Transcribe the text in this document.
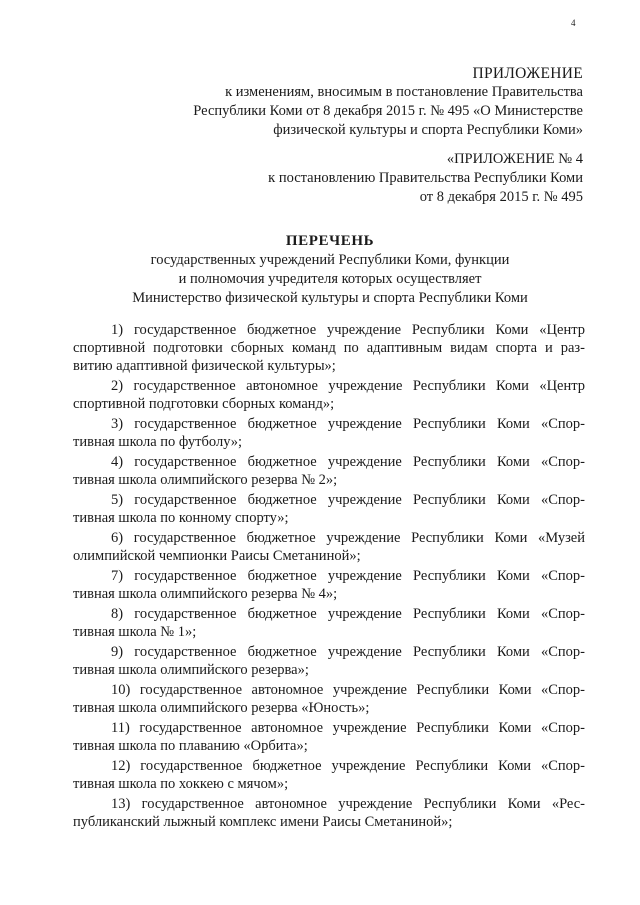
4
ПРИЛОЖЕНИЕ
к изменениям, вносимым в постановление Правительства
Республики Коми от 8 декабря 2015 г. № 495 «О Министерстве
физической культуры и спорта Республики Коми»
«ПРИЛОЖЕНИЕ № 4
к постановлению Правительства Республики Коми
от 8 декабря 2015 г. № 495
ПЕРЕЧЕНЬ
государственных учреждений Республики Коми, функции
и полномочия учредителя которых осуществляет
Министерство физической культуры и спорта Республики Коми
1) государственное бюджетное учреждение Республики Коми «Центр
спортивной подготовки сборных команд по адаптивным видам спорта и раз-
витию адаптивной физической культуры»;
2) государственное автономное учреждение Республики Коми «Центр
спортивной подготовки сборных команд»;
3) государственное бюджетное учреждение Республики Коми «Спор-
тивная школа по футболу»;
4) государственное бюджетное учреждение Республики Коми «Спор-
тивная школа олимпийского резерва № 2»;
5) государственное бюджетное учреждение Республики Коми «Спор-
тивная школа по конному спорту»;
6) государственное бюджетное учреждение Республики Коми «Музей
олимпийской чемпионки Раисы Сметаниной»;
7) государственное бюджетное учреждение Республики Коми «Спор-
тивная школа олимпийского резерва № 4»;
8) государственное бюджетное учреждение Республики Коми «Спор-
тивная школа № 1»;
9) государственное бюджетное учреждение Республики Коми «Спор-
тивная школа олимпийского резерва»;
10) государственное автономное учреждение Республики Коми «Спор-
тивная школа олимпийского резерва «Юность»;
11) государственное автономное учреждение Республики Коми «Спор-
тивная школа по плаванию «Орбита»;
12) государственное бюджетное учреждение Республики Коми «Спор-
тивная школа по хоккею с мячом»;
13) государственное автономное учреждение Республики Коми «Рес-
публиканский лыжный комплекс имени Раисы Сметаниной»;
